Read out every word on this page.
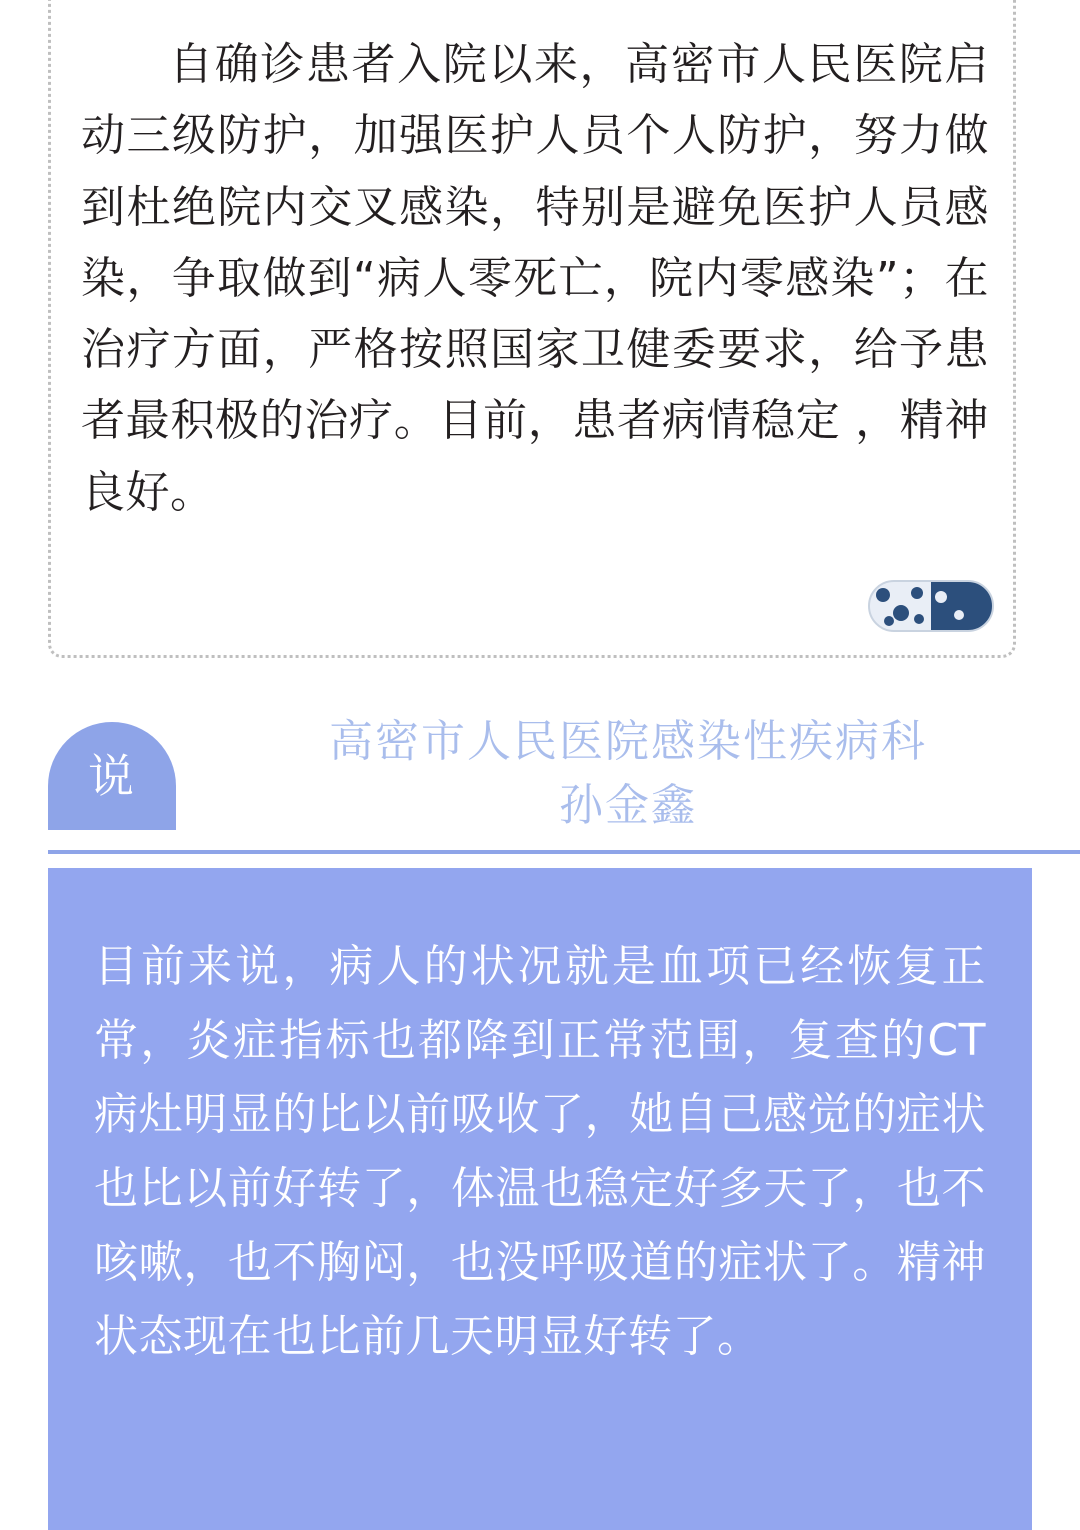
自确诊患者入院以来，高密市人民医院启动三级防护，加强医护人员个人防护，努力做到杜绝院内交叉感染，特别是避免医护人员感染，争取做到“病人零死亡，院内零感染”；在治疗方面，严格按照国家卫健委要求，给予患者最积极的治疗。目前，患者病情稳定 ，精神良好。
说
高密市人民医院感染性疾病科
孙金鑫
目前来说，病人的状况就是血项已经恢复正常，炎症指标也都降到正常范围，复查的CT病灶明显的比以前吸收了，她自己感觉的症状也比以前好转了，体温也稳定好多天了，也不咳嗽，也不胸闷，也没呼吸道的症状了。精神状态现在也比前几天明显好转了。
